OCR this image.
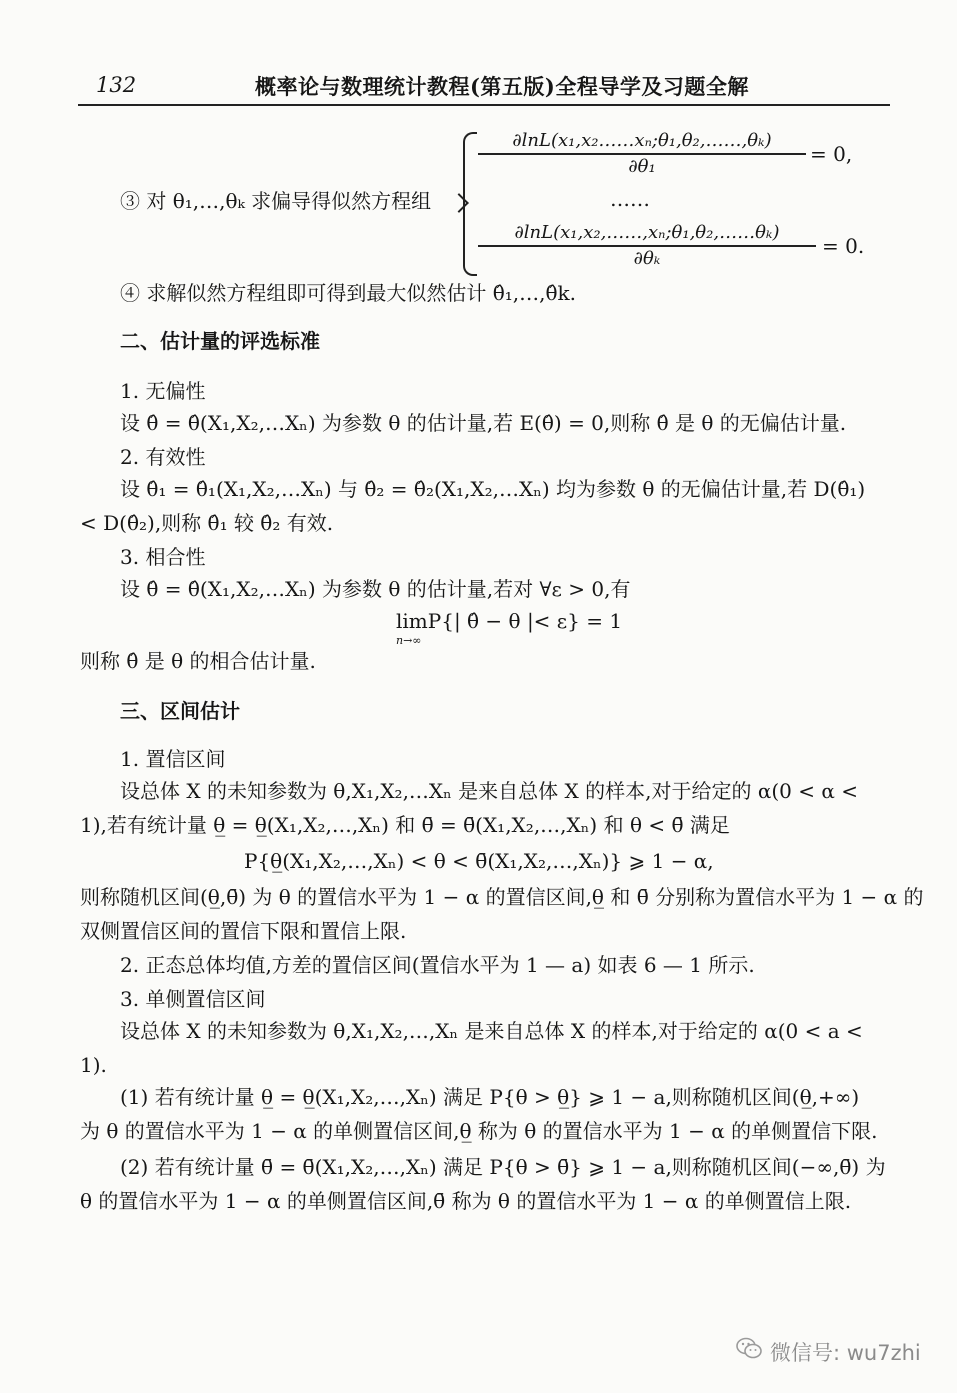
132	概率论与数理统计教程(第五版)全程导学及习题全解
③ 对 θ₁,…,θₖ 求偏导得似然方程组
∂lnL(x₁,x₂……xₙ;θ₁,θ₂,……,θₖ)
∂θ₁	= 0,
……
∂lnL(x₁,x₂,……,xₙ;θ₁,θ₂,……θₖ)
∂θₖ	= 0.
④ 求解似然方程组即可得到最大似然估计 θ̂₁,…,θ̂k.
二、估计量的评选标准
1. 无偏性
设 θ̂ = θ̂(X₁,X₂,…Xₙ) 为参数 θ 的估计量,若 E(θ̂) = 0,则称 θ̂ 是 θ 的无偏估计量.
2. 有效性
设 θ̂₁ = θ̂₁(X₁,X₂,…Xₙ) 与 θ̂₂ = θ̂₂(X₁,X₂,…Xₙ) 均为参数 θ 的无偏估计量,若 D(θ̂₁)
< D(θ̂₂),则称 θ̂₁ 较 θ̂₂ 有效.
3. 相合性
设 θ̂ = θ̂(X₁,X₂,…Xₙ) 为参数 θ 的估计量,若对 ∀ε > 0,有
limP{| θ̂ − θ |< ε} = 1
n→∞
则称 θ̂ 是 θ 的相合估计量.
三、区间估计
1. 置信区间
设总体 X 的未知参数为 θ,X₁,X₂,…Xₙ 是来自总体 X 的样本,对于给定的 α(0 < α <
1),若有统计量 θ̲ = θ̲(X₁,X₂,…,Xₙ) 和 θ̄ = θ̄(X₁,X₂,…,Xₙ) 和 θ < θ̄ 满足
P{θ̲(X₁,X₂,…,Xₙ) < θ < θ̄(X₁,X₂,…,Xₙ)} ⩾ 1 − α,
则称随机区间(θ̲,θ̄) 为 θ 的置信水平为 1 − α 的置信区间,θ̲ 和 θ̄ 分别称为置信水平为 1 − α 的
双侧置信区间的置信下限和置信上限.
2. 正态总体均值,方差的置信区间(置信水平为 1 — a) 如表 6 — 1 所示.
3. 单侧置信区间
设总体 X 的未知参数为 θ,X₁,X₂,…,Xₙ 是来自总体 X 的样本,对于给定的 α(0 < a <
1).
(1) 若有统计量 θ̲ = θ̲(X₁,X₂,…,Xₙ) 满足 P{θ > θ̲} ⩾ 1 − a,则称随机区间(θ̲,+∞)
为 θ 的置信水平为 1 − α 的单侧置信区间,θ̲ 称为 θ 的置信水平为 1 − α 的单侧置信下限.
(2) 若有统计量 θ̄ = θ̄(X₁,X₂,…,Xₙ) 满足 P{θ > θ̄} ⩾ 1 − a,则称随机区间(−∞,θ̄) 为
θ 的置信水平为 1 − α 的单侧置信区间,θ̄ 称为 θ 的置信水平为 1 − α 的单侧置信上限.
微信号: wu7zhi
